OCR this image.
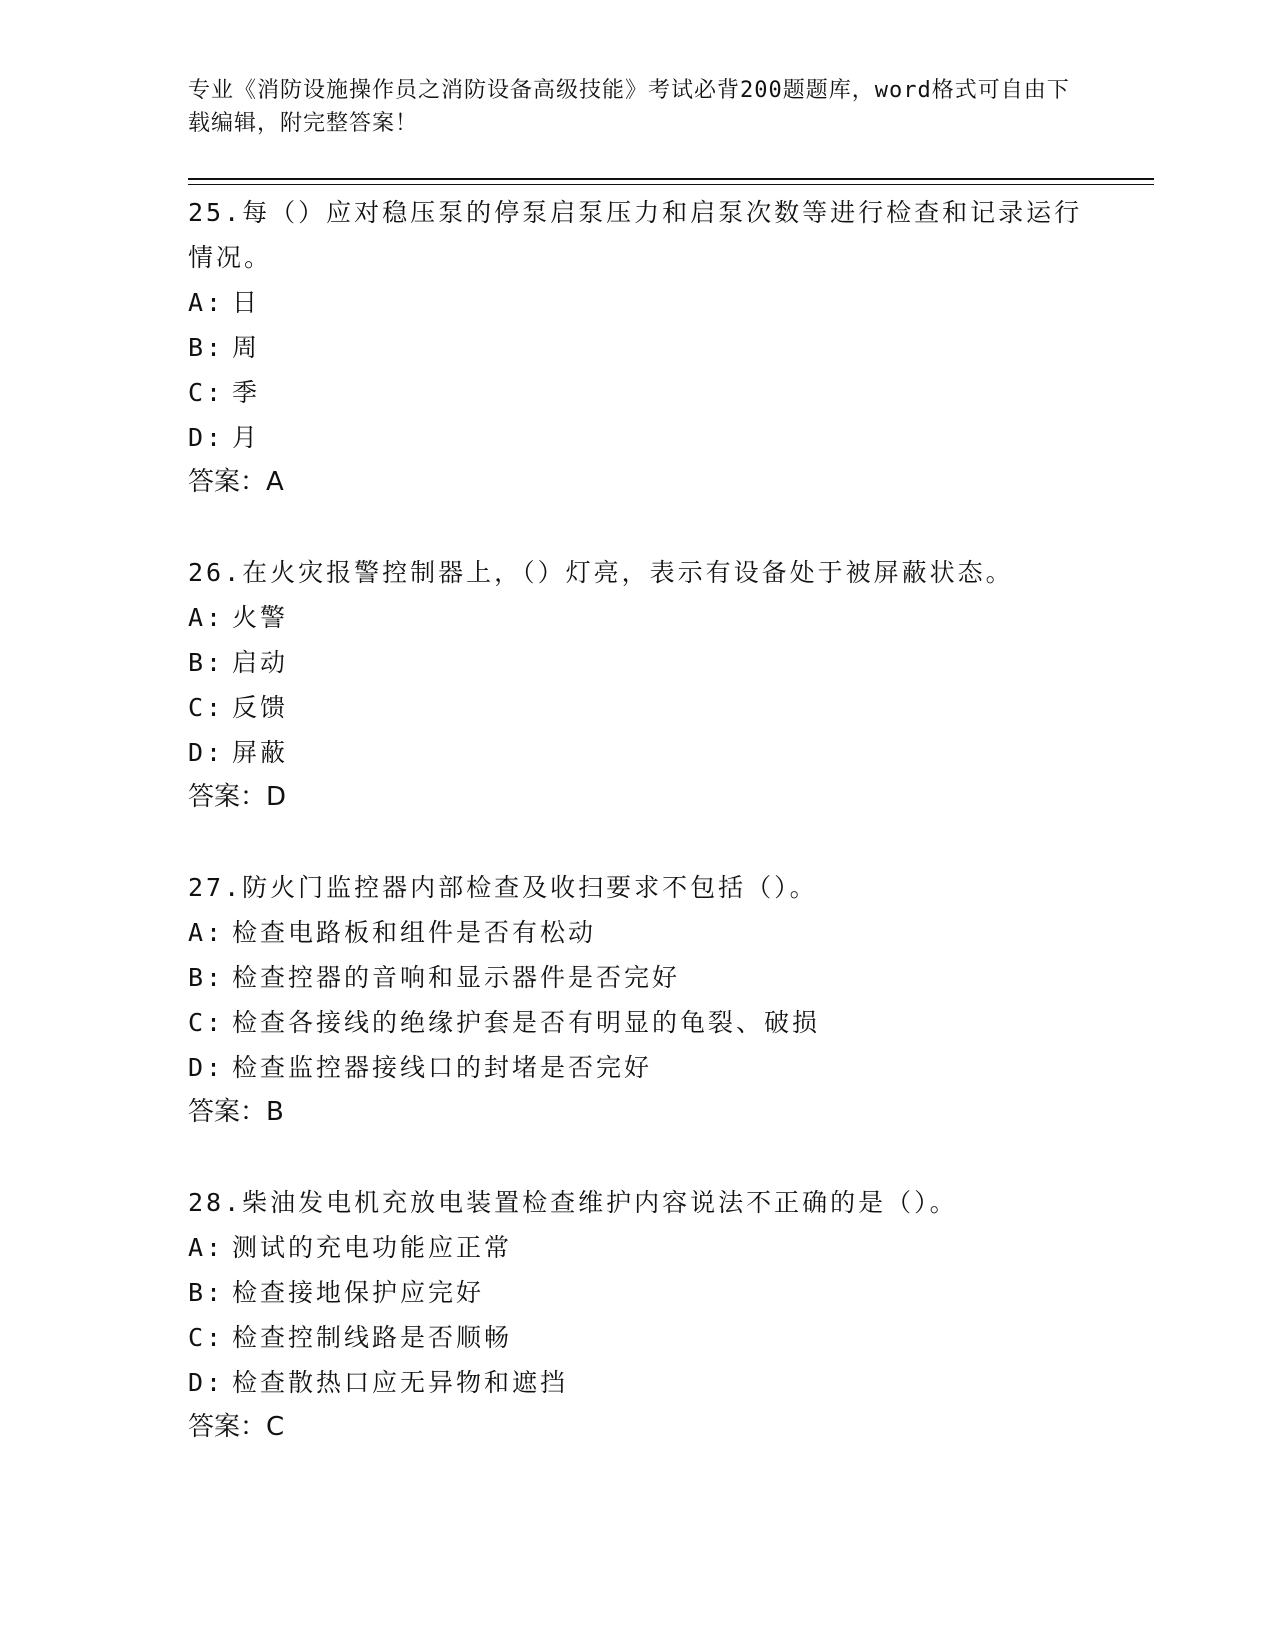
专业《消防设施操作员之消防设备高级技能》考试必背200题题库，word格式可自由下载编辑，附完整答案！

25.每（）应对稳压泵的停泵启泵压力和启泵次数等进行检查和记录运行情况。

A: 日
B: 周
C: 季
D: 月
答案：A

26.在火灾报警控制器上，（）灯亮，表示有设备处于被屏蔽状态。

A: 火警
B: 启动
C: 反馈
D: 屏蔽
答案：D

27.防火门监控器内部检查及收扫要求不包括（）。

A: 检查电路板和组件是否有松动
B: 检查控器的音响和显示器件是否完好
C: 检查各接线的绝缘护套是否有明显的龟裂、破损
D: 检查监控器接线口的封堵是否完好
答案：B

28.柴油发电机充放电装置检查维护内容说法不正确的是（）。

A: 测试的充电功能应正常
B: 检查接地保护应完好
C: 检查控制线路是否顺畅
D: 检查散热口应无异物和遮挡
答案：C
